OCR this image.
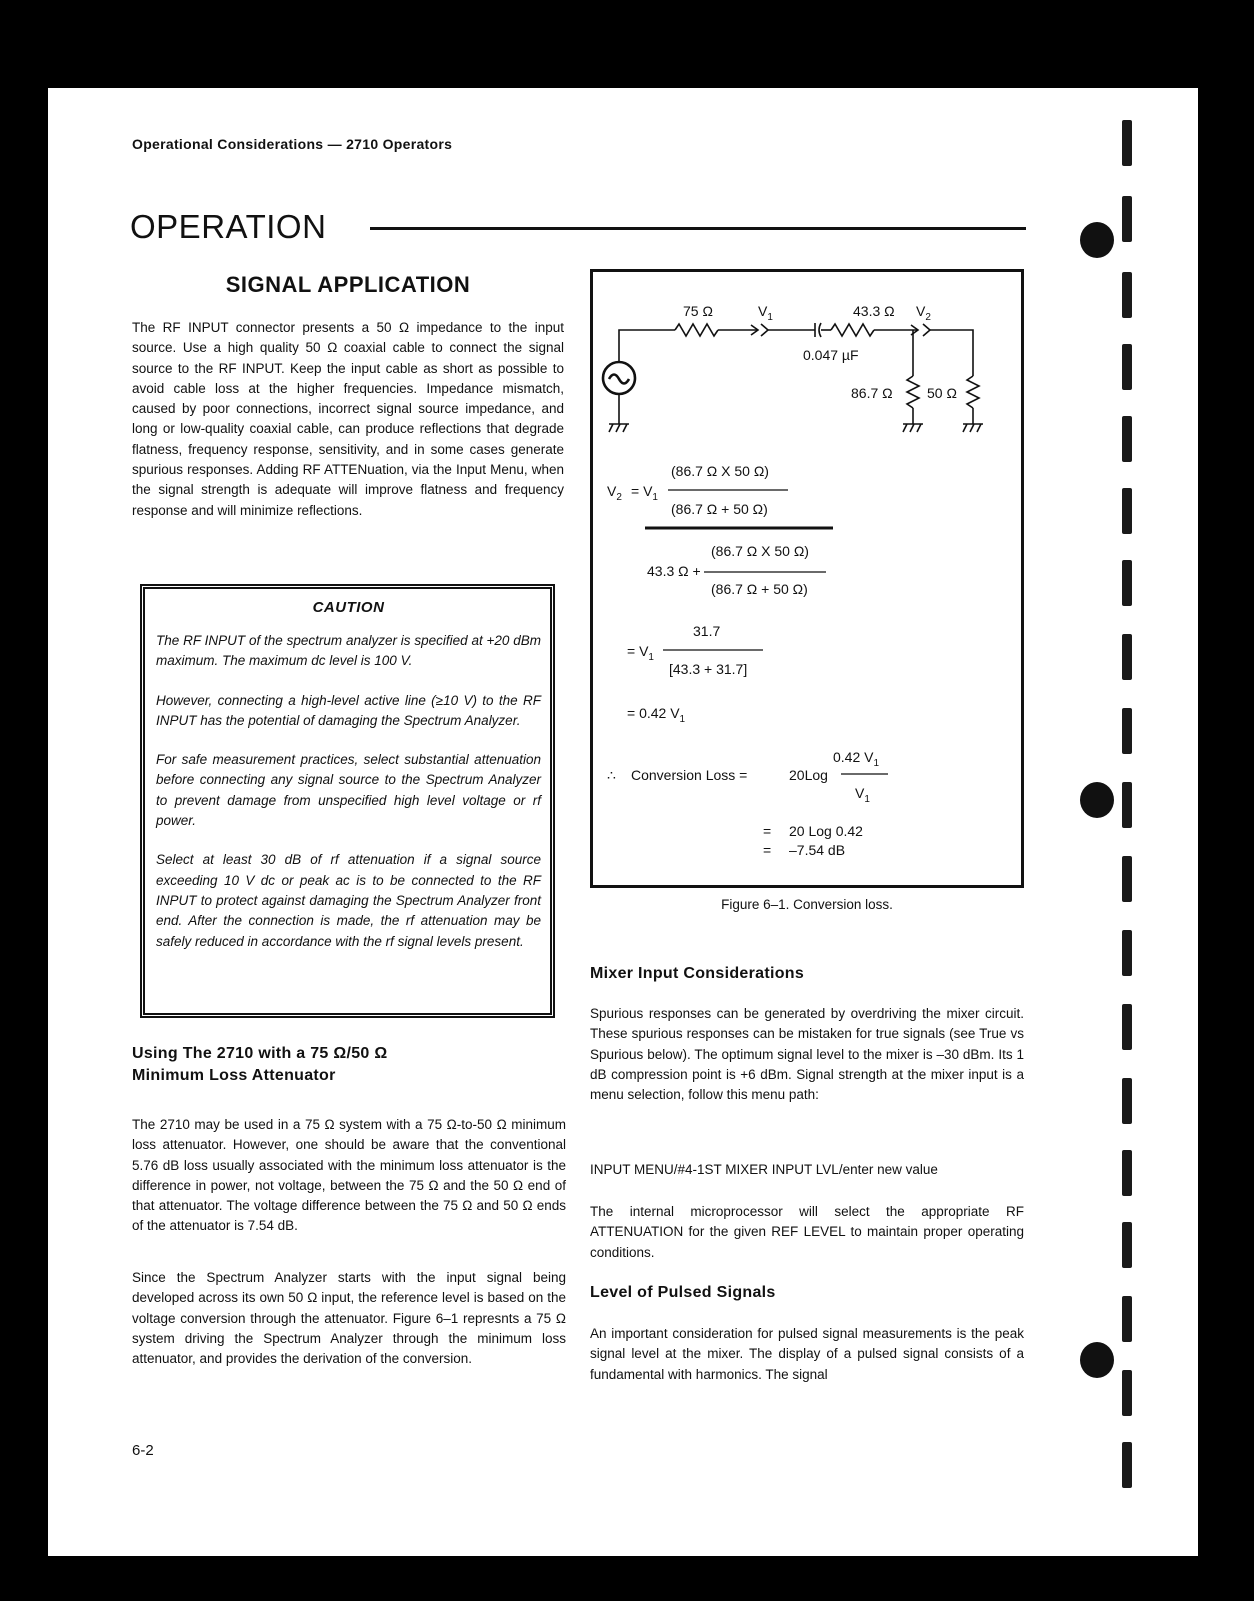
Operational Considerations — 2710 Operators
OPERATION
SIGNAL APPLICATION
The RF INPUT connector presents a 50 Ω impedance to the input source. Use a high quality 50 Ω coaxial cable to connect the signal source to the RF INPUT. Keep the input cable as short as possible to avoid cable loss at the higher frequencies. Impedance mismatch, caused by poor connections, incorrect signal source impedance, and long or low-quality coaxial cable, can produce reflections that degrade flatness, frequency response, sensitivity, and in some cases generate spurious responses. Adding RF ATTENuation, via the Input Menu, when the signal strength is adequate will improve flatness and frequency response and will minimize reflections.
CAUTION

The RF INPUT of the spectrum analyzer is specified at +20 dBm maximum. The maximum dc level is 100 V.

However, connecting a high-level active line (≥10 V) to the RF INPUT has the potential of damaging the Spectrum Analyzer.

For safe measurement practices, select substantial attenuation before connecting any signal source to the Spectrum Analyzer to prevent damage from unspecified high level voltage or rf power.

Select at least 30 dB of rf attenuation if a signal source exceeding 10 V dc or peak ac is to be connected to the RF INPUT to protect against damaging the Spectrum Analyzer front end. After the connection is made, the rf attenuation may be safely reduced in accordance with the rf signal levels present.

Using The 2710 with a 75 Ω/50 Ω
Minimum Loss Attenuator
The 2710 may be used in a 75 Ω system with a 75 Ω-to-50 Ω minimum loss attenuator. However, one should be aware that the conventional 5.76 dB loss usually associated with the minimum loss attenuator is the difference in power, not voltage, between the 75 Ω and the 50 Ω end of that attenuator. The voltage difference between the 75 Ω and 50 Ω ends of the attenuator is 7.54 dB.
Since the Spectrum Analyzer starts with the input signal being developed across its own 50 Ω input, the reference level is based on the voltage conversion through the attenuator. Figure 6–1 represnts a 75 Ω system driving the Spectrum Analyzer through the minimum loss attenuator, and provides the derivation of the conversion.
6-2
75 Ω	$V_1$	43.3 Ω $V_2$
0.047 µF
86.7 Ω 50 Ω
(86.7 Ω X 50 Ω)
$V_2 = V_1$
(86.7 Ω + 50 Ω)
(86.7 Ω X 50 Ω)
43.3 Ω +
(86.7 Ω + 50 Ω)
31.7
= $V_1$
[43.3 + 31.7]
= 0.42 $V_1$
0.42 $V_1$
∴ Conversion Loss =	20Log
$V_1$
= 20 Log 0.42
= –7.54 dB
Figure 6–1. Conversion loss.
Mixer Input Considerations
Spurious responses can be generated by overdriving the mixer circuit. These spurious responses can be mistaken for true signals (see True vs Spurious below). The optimum signal level to the mixer is –30 dBm. Its 1 dB compression point is +6 dBm. Signal strength at the mixer input is a menu selection, follow this menu path:
INPUT MENU/#4-1ST MIXER INPUT LVL/enter new value
The internal microprocessor will select the appropriate RF ATTENUATION for the given REF LEVEL to maintain proper operating conditions.
Level of Pulsed Signals
An important consideration for pulsed signal measurements is the peak signal level at the mixer. The display of a pulsed signal consists of a fundamental with harmonics. The signal
